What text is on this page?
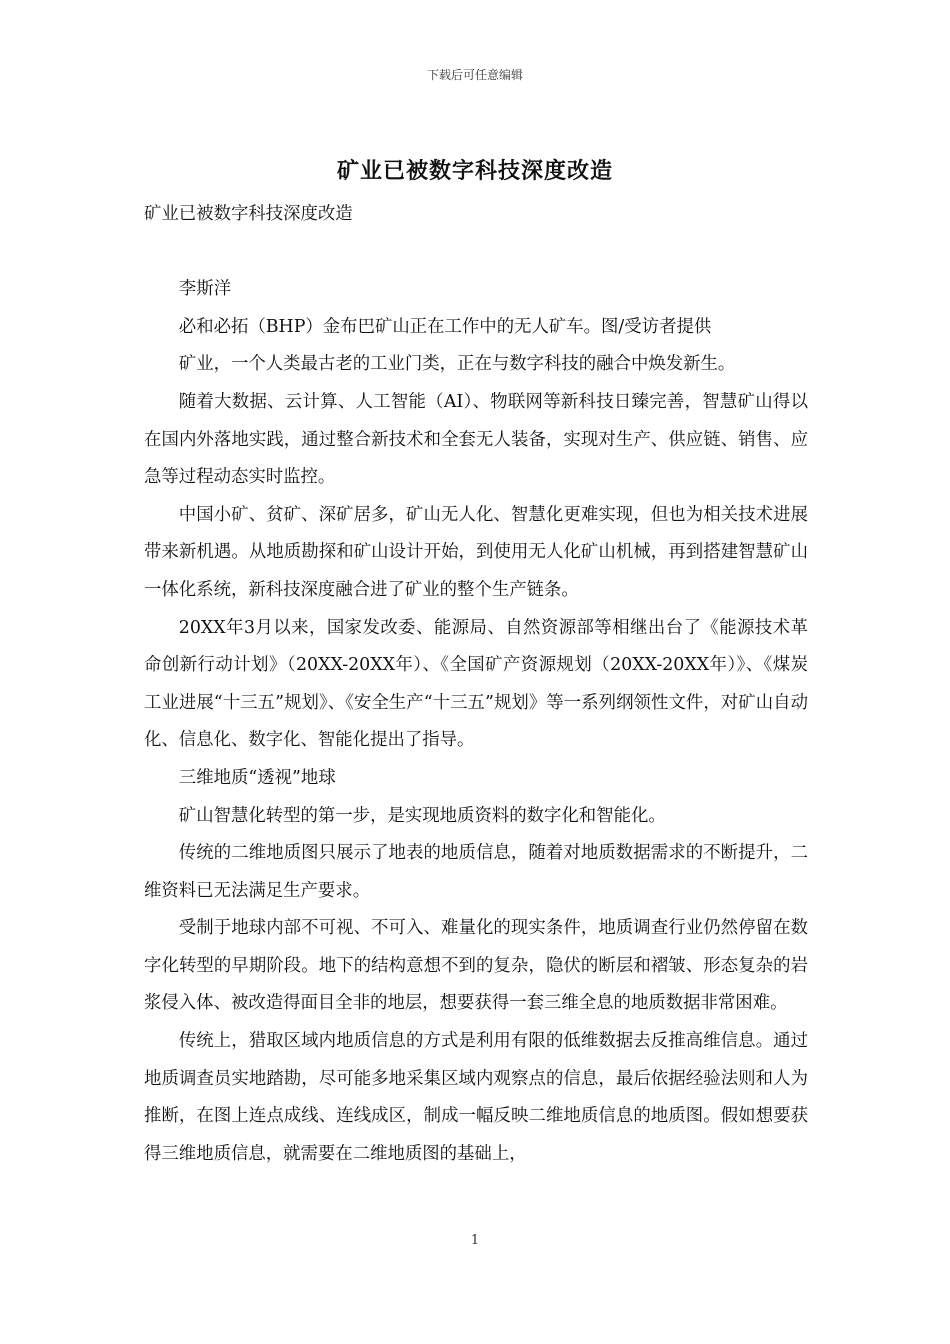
下载后可任意编辑
矿业已被数字科技深度改造

矿业已被数字科技深度改造

李斯洋

必和必拓（BHP）金布巴矿山正在工作中的无人矿车。图/受访者提供

矿业，一个人类最古老的工业门类，正在与数字科技的融合中焕发新生。

随着大数据、云计算、人工智能（AI）、物联网等新科技日臻完善，智慧矿山得以在国内外落地实践，通过整合新技术和全套无人装备，实现对生产、供应链、销售、应急等过程动态实时监控。

中国小矿、贫矿、深矿居多，矿山无人化、智慧化更难实现，但也为相关技术进展带来新机遇。从地质勘探和矿山设计开始，到使用无人化矿山机械，再到搭建智慧矿山一体化系统，新科技深度融合进了矿业的整个生产链条。

20XX年3月以来，国家发改委、能源局、自然资源部等相继出台了《能源技术革命创新行动计划》（20XX-20XX年）、《全国矿产资源规划（20XX-20XX年）》、《煤炭工业进展“十三五”规划》、《安全生产“十三五”规划》等一系列纲领性文件，对矿山自动化、信息化、数字化、智能化提出了指导。

三维地质“透视”地球

矿山智慧化转型的第一步，是实现地质资料的数字化和智能化。

传统的二维地质图只展示了地表的地质信息，随着对地质数据需求的不断提升，二维资料已无法满足生产要求。

受制于地球内部不可视、不可入、难量化的现实条件，地质调查行业仍然停留在数字化转型的早期阶段。地下的结构意想不到的复杂，隐伏的断层和褶皱、形态复杂的岩浆侵入体、被改造得面目全非的地层，想要获得一套三维全息的地质数据非常困难。

传统上，猎取区域内地质信息的方式是利用有限的低维数据去反推高维信息。通过地质调查员实地踏勘，尽可能多地采集区域内观察点的信息，最后依据经验法则和人为推断，在图上连点成线、连线成区，制成一幅反映二维地质信息的地质图。假如想要获得三维地质信息，就需要在二维地质图的基础上，

1
